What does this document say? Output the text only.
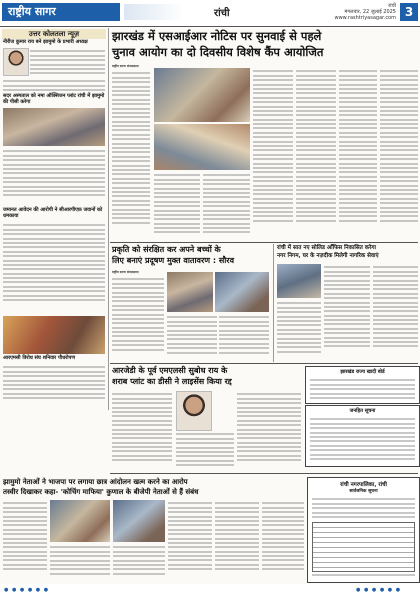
राष्ट्रीय सागर	रांची
रांची
मंगलवार, 22 जुलाई 2025
www.rashtriyasagar.com 3
उत्तर कोलतला न्यूज़
नीरीज कुमार राय बने झामुमो के प्रभारी अध्यक्ष
सदर अस्पताल को नमा ऑक्सिजन प्लांट रांची में झामुमो की पीसी करेगा
जमानत आवेदन की आरोपी ने सीआरपीएफ़ जवानों को धमकाया
आरएमसी विरोध संघ शनिवार पौधरोपण
झारखंड में एसआईआर नोटिस पर सुनवाई से पहले
चुनाव आयोग का दो दिवसीय विशेष कैंप आयोजित
राष्ट्रीय सागर संवाददाता
प्रकृति को संरक्षित कर अपने बच्चों के
लिए बनाएं प्रदूषण मुक्त वातावरण : सौरव
राष्ट्रीय सागर संवाददाता
रांची में सात नए सोलिड आँफिस निकासित करेगा
नगर निगम, घर के नज़दीक मिलेगी नागरिक सेवाएं
आरजेडी के पूर्व एमएलसी सुबोध राय के
शराब प्लांट का डीसी ने लाइसेंस किया रद्द
झारखंड राज्य खादी बोर्ड
जनहित सूचना
झामुमो नेताओं ने भाजपा पर लगाया छात्र आंदोलन खत्म करने का आरोप
तस्वीर दिखाकर कहा- 'कोचिंग माफिया' कुणाल के बीजेपी नेताओं से हैं संबंध
रांची नगरपालिका, रांची
सार्वजनिक सूचना
● ● ● ● ● ●	● ● ● ● ● ●
